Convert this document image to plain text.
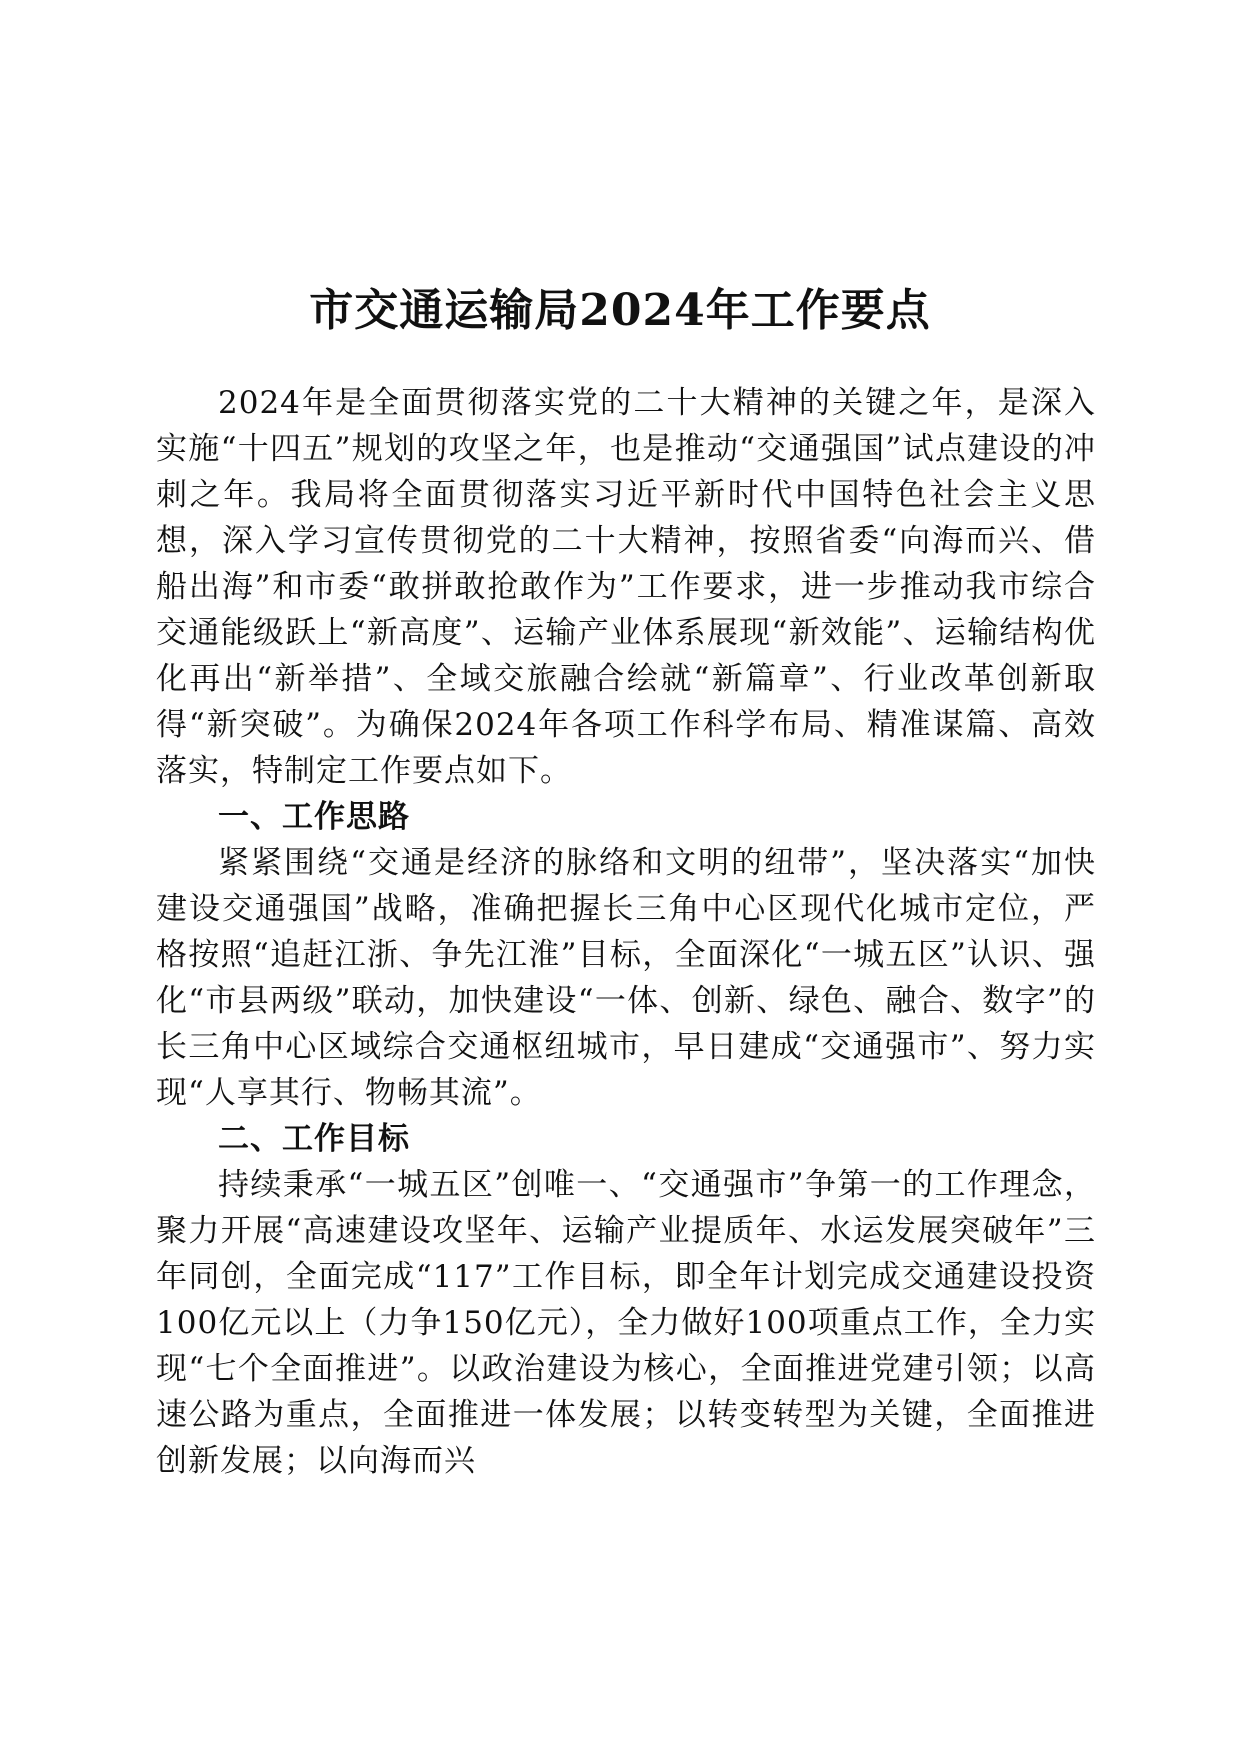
市交通运输局2024年工作要点

2024年是全面贯彻落实党的二十大精神的关键之年，是深入实施“十四五”规划的攻坚之年，也是推动“交通强国”试点建设的冲刺之年。我局将全面贯彻落实习近平新时代中国特色社会主义思想，深入学习宣传贯彻党的二十大精神，按照省委“向海而兴、借船出海”和市委“敢拼敢抢敢作为”工作要求，进一步推动我市综合交通能级跃上“新高度”、运输产业体系展现“新效能”、运输结构优化再出“新举措”、全域交旅融合绘就“新篇章”、行业改革创新取得“新突破”。为确保2024年各项工作科学布局、精准谋篇、高效落实，特制定工作要点如下。

一、工作思路

紧紧围绕“交通是经济的脉络和文明的纽带”，坚决落实“加快建设交通强国”战略，准确把握长三角中心区现代化城市定位，严格按照“追赶江浙、争先江淮”目标，全面深化“一城五区”认识、强化“市县两级”联动，加快建设“一体、创新、绿色、融合、数字”的长三角中心区域综合交通枢纽城市，早日建成“交通强市”、努力实现“人享其行、物畅其流”。

二、工作目标

持续秉承“一城五区”创唯一、“交通强市”争第一的工作理念，聚力开展“高速建设攻坚年、运输产业提质年、水运发展突破年”三年同创，全面完成“117”工作目标，即全年计划完成交通建设投资100亿元以上（力争150亿元），全力做好100项重点工作，全力实现“七个全面推进”。以政治建设为核心，全面推进党建引领；以高速公路为重点，全面推进一体发展；以转变转型为关键，全面推进创新发展；以向海而兴
